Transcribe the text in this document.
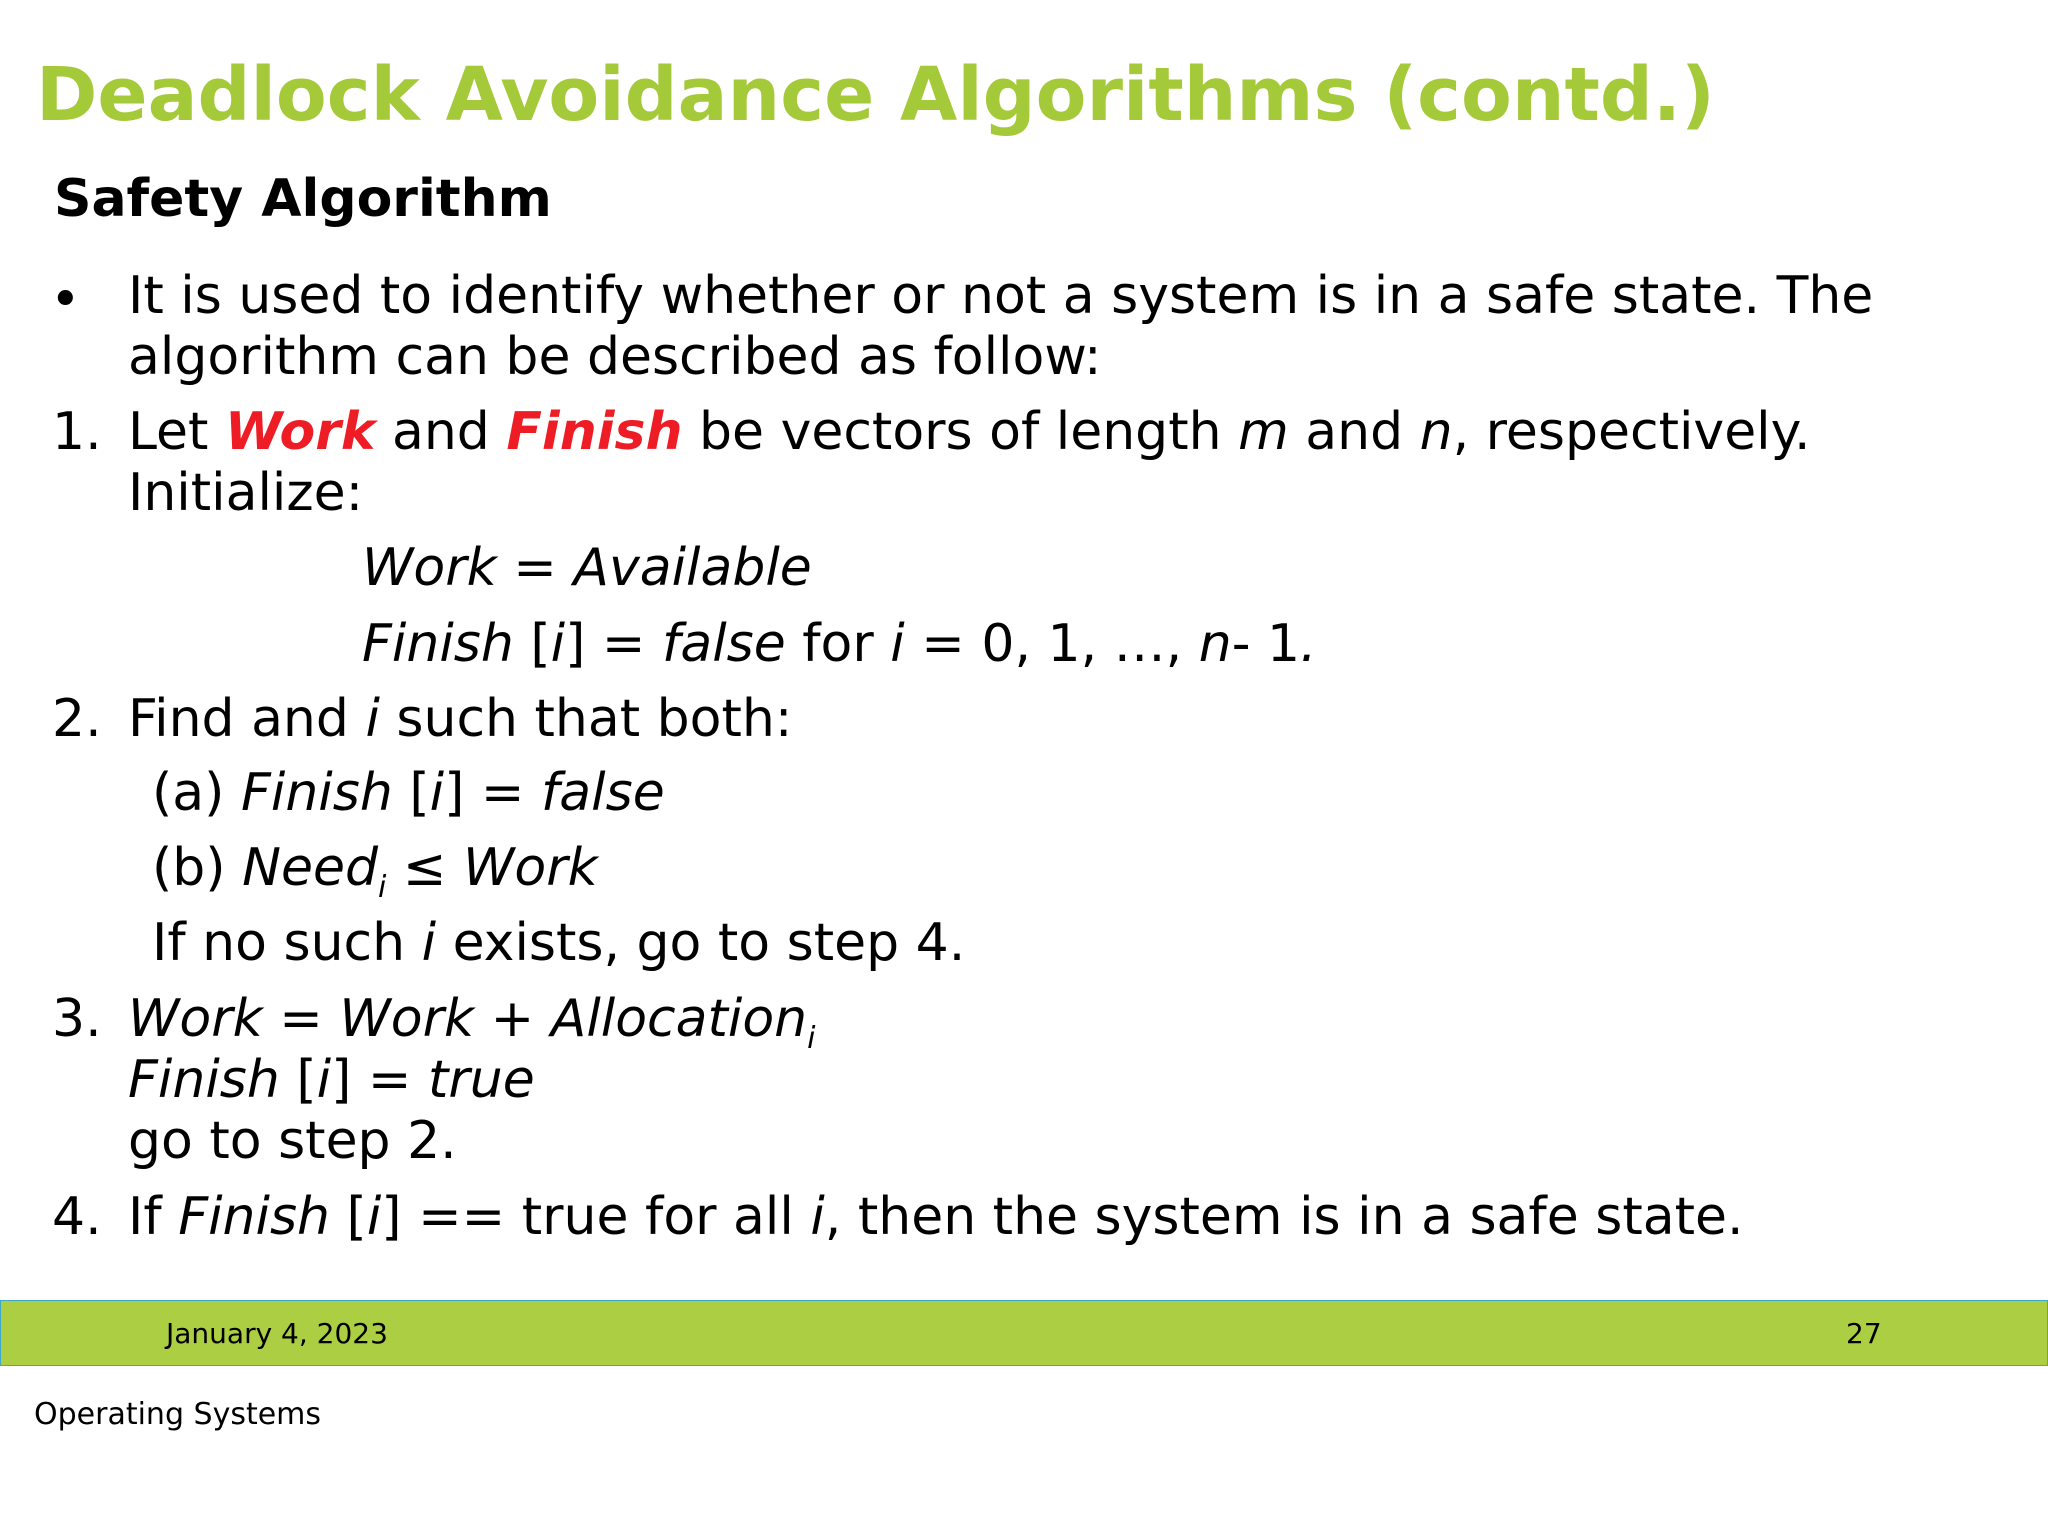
Deadlock Avoidance Algorithms (contd.)
Safety Algorithm
• It is used to identify whether or not a system is in a safe state. The
algorithm can be described as follow:
1. Let Work and Finish be vectors of length m and n, respectively.
Initialize:
Work = Available
Finish [i] = false for i = 0, 1, …, n- 1.
2. Find and i such that both:
(a) Finish [i] = false
(b) Need$_i$ ≤ Work
If no such i exists, go to step 4.
3. Work = Work + Allocation$_i$
Finish [i] = true
go to step 2.
4. If Finish [i] == true for all i, then the system is in a safe state.
January 4, 2023	27
Operating Systems
